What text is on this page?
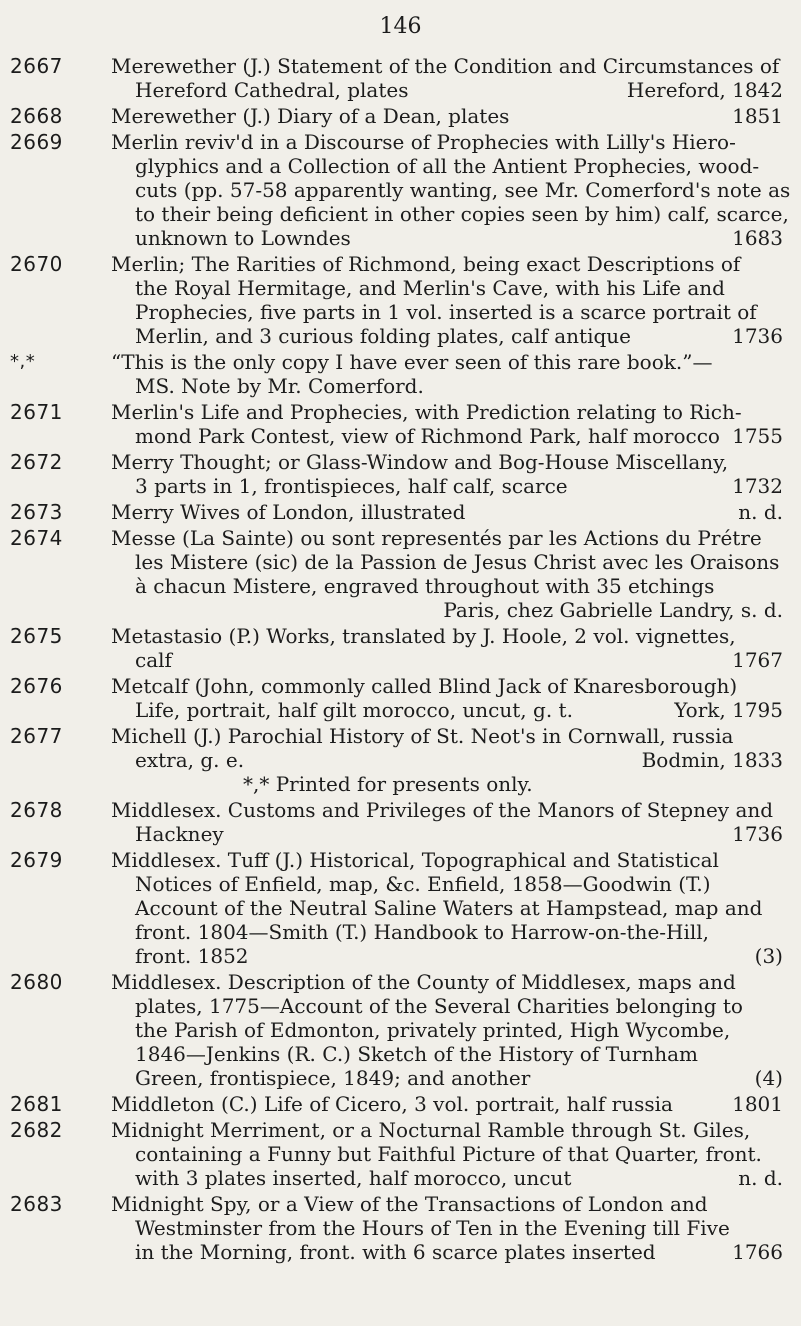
146
2667 Merewether (J.) Statement of the Condition and Circumstances of
Hereford Cathedral, plates	Hereford, 1842
2668 Merewether (J.) Diary of a Dean, plates	1851
2669 Merlin reviv'd in a Discourse of Prophecies with Lilly's Hiero-
glyphics and a Collection of all the Antient Prophecies, wood-
cuts (pp. 57-58 apparently wanting, see Mr. Comerford's note as
to their being deficient in other copies seen by him) calf, scarce,
unknown to Lowndes	1683
2670 Merlin; The Rarities of Richmond, being exact Descriptions of
the Royal Hermitage, and Merlin's Cave, with his Life and
Prophecies, five parts in 1 vol. inserted is a scarce portrait of
Merlin, and 3 curious folding plates, calf antique	1736
*,*	“This is the only copy I have ever seen of this rare book.”—
MS. Note by Mr. Comerford.
2671 Merlin's Life and Prophecies, with Prediction relating to Rich-
mond Park Contest, view of Richmond Park, half morocco 1755
2672 Merry Thought; or Glass-Window and Bog-House Miscellany,
3 parts in 1, frontispieces, half calf, scarce	1732
2673 Merry Wives of London, illustrated	n. d.
2674 Messe (La Sainte) ou sont representés par les Actions du Prétre
les Mistere (sic) de la Passion de Jesus Christ avec les Oraisons
à chacun Mistere, engraved throughout with 35 etchings
Paris, chez Gabrielle Landry, s. d.
2675 Metastasio (P.) Works, translated by J. Hoole, 2 vol. vignettes,
calf	1767
2676 Metcalf (John, commonly called Blind Jack of Knaresborough)
Life, portrait, half gilt morocco, uncut, g. t.	York, 1795
2677 Michell (J.) Parochial History of St. Neot's in Cornwall, russia
extra, g. e.	Bodmin, 1833
*,* Printed for presents only.
2678 Middlesex. Customs and Privileges of the Manors of Stepney and
Hackney	1736
2679 Middlesex. Tuff (J.) Historical, Topographical and Statistical
Notices of Enfield, map, &c. Enfield, 1858—Goodwin (T.)
Account of the Neutral Saline Waters at Hampstead, map and
front. 1804—Smith (T.) Handbook to Harrow-on-the-Hill,
front. 1852	(3)
2680 Middlesex. Description of the County of Middlesex, maps and
plates, 1775—Account of the Several Charities belonging to
the Parish of Edmonton, privately printed, High Wycombe,
1846—Jenkins (R. C.) Sketch of the History of Turnham
Green, frontispiece, 1849; and another	(4)
2681 Middleton (C.) Life of Cicero, 3 vol. portrait, half russia	1801
2682 Midnight Merriment, or a Nocturnal Ramble through St. Giles,
containing a Funny but Faithful Picture of that Quarter, front.
with 3 plates inserted, half morocco, uncut	n. d.
2683 Midnight Spy, or a View of the Transactions of London and
Westminster from the Hours of Ten in the Evening till Five
in the Morning, front. with 6 scarce plates inserted	1766
